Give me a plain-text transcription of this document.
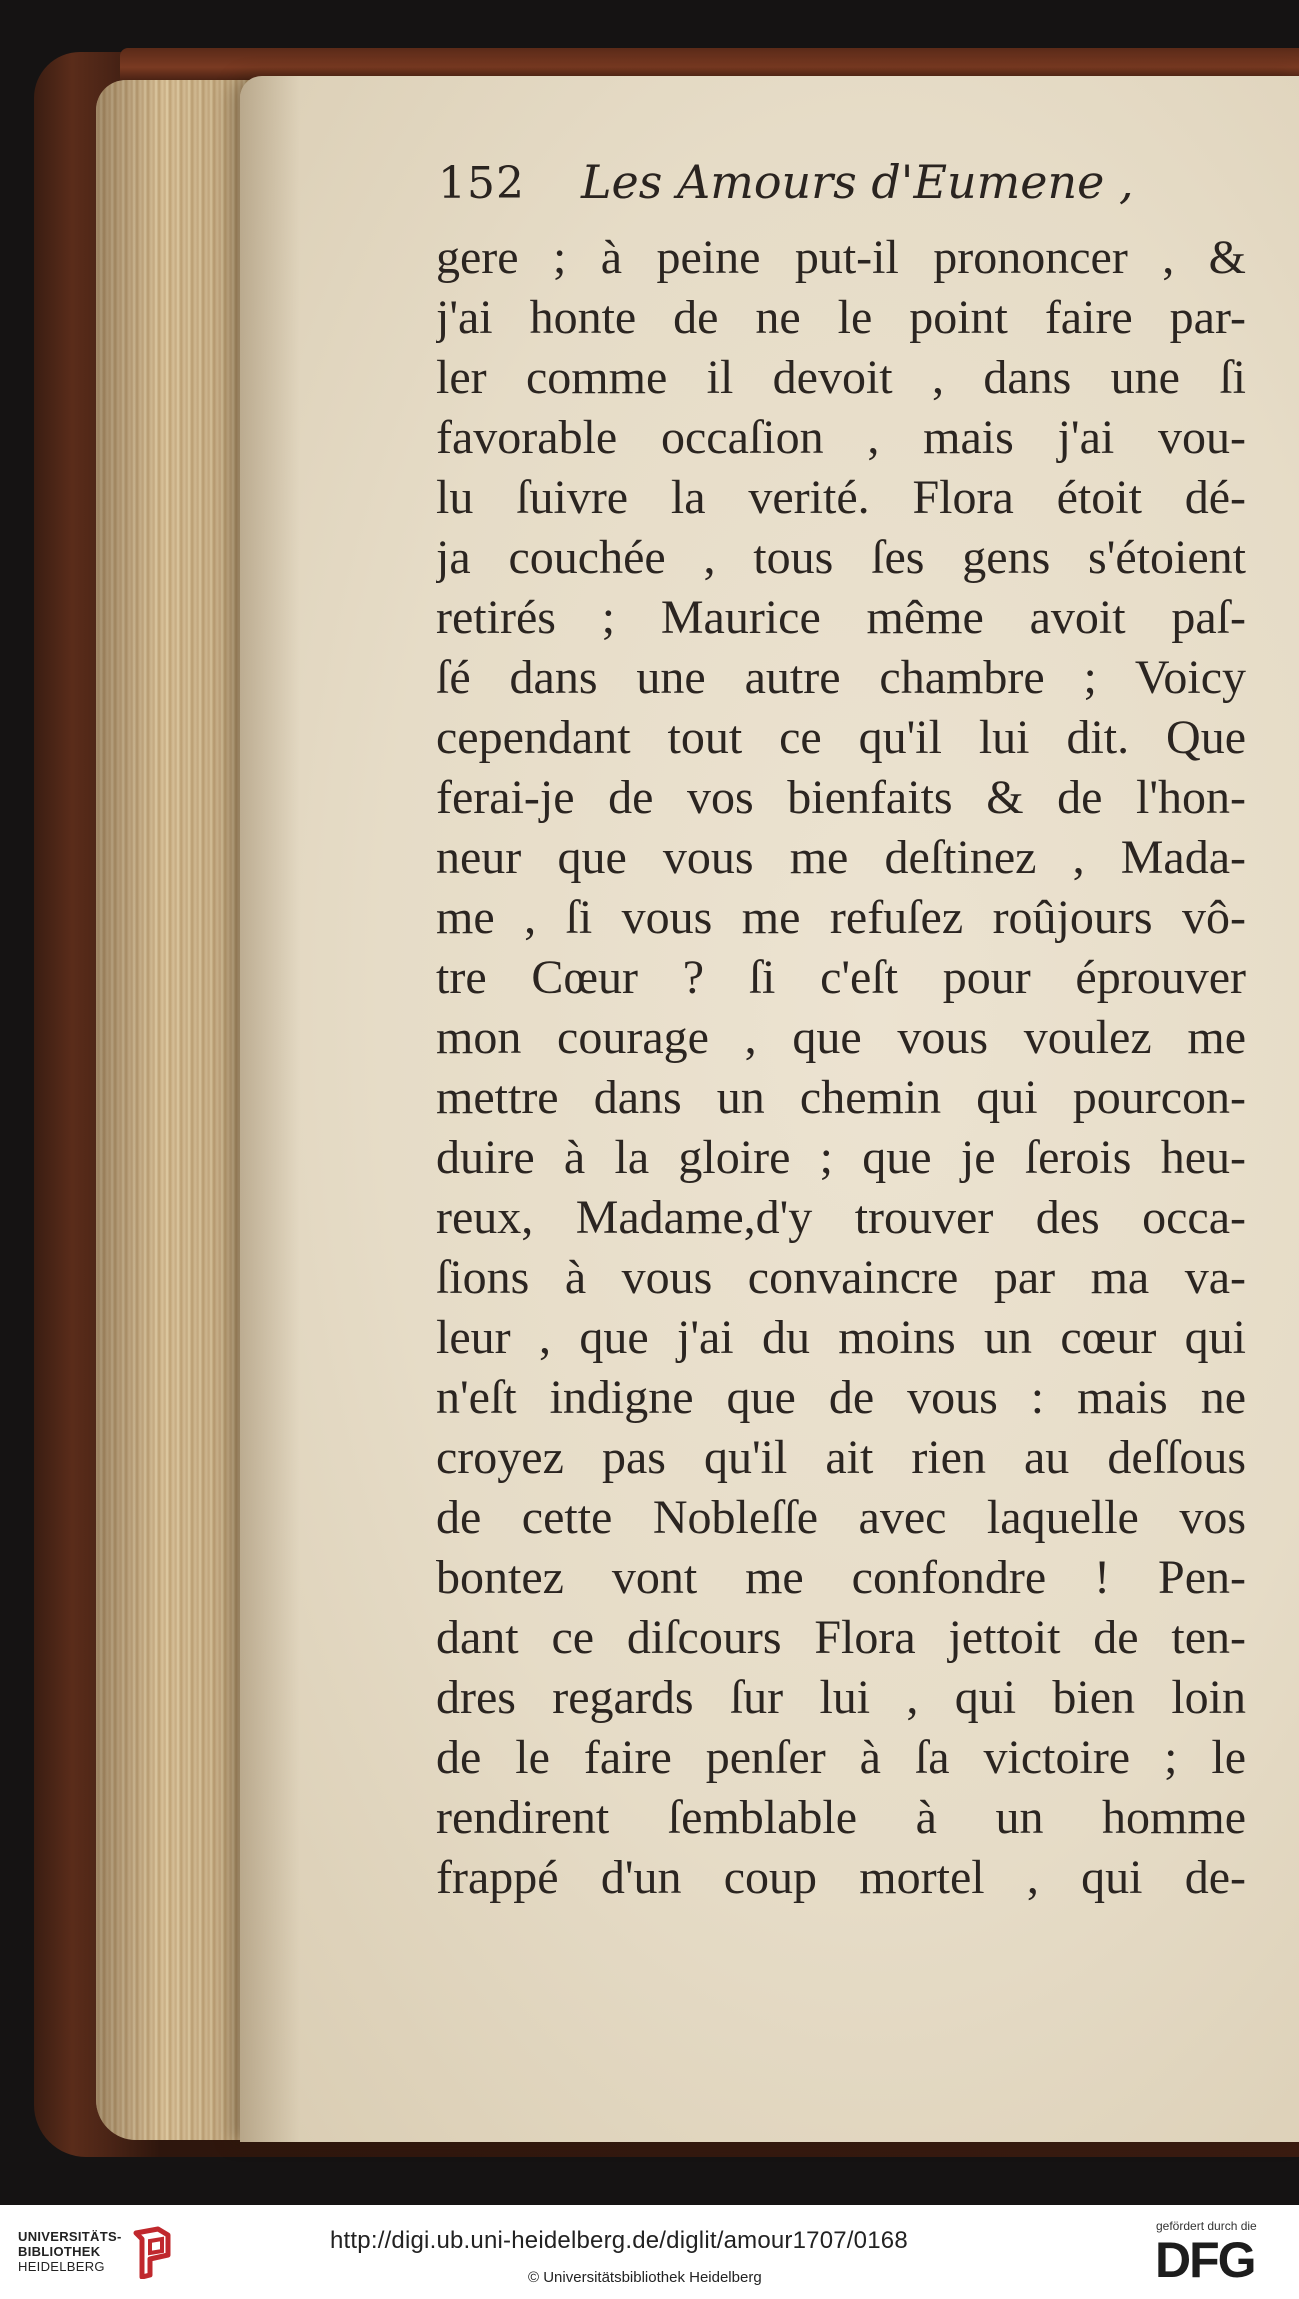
152 Les Amours d'Eumene ,
gere ; à peine put-il prononcer , &
j'ai honte de ne le point faire par-
ler comme il devoit , dans une ſi
favorable occaſion , mais j'ai vou-
lu ſuivre la verité. Flora étoit dé-
ja couchée , tous ſes gens s'étoient
retirés ; Maurice même avoit paſ-
ſé dans une autre chambre ; Voicy
cependant tout ce qu'il lui dit. Que
ferai-je de vos bienfaits & de l'hon-
neur que vous me deſtinez , Mada-
me , ſi vous me refuſez roûjours vô-
tre Cœur ? ſi c'eſt pour éprouver
mon courage , que vous voulez me
mettre dans un chemin qui pourcon-
duire à la gloire ; que je ſerois heu-
reux, Madame,d'y trouver des occa-
ſions à vous convaincre par ma va-
leur , que j'ai du moins un cœur qui
n'eſt indigne que de vous : mais ne
croyez pas qu'il ait rien au deſſous
de cette Nobleſſe avec laquelle vos
bontez vont me confondre ! Pen-
dant ce diſcours Flora jettoit de ten-
dres regards ſur lui , qui bien loin
de le faire penſer à ſa victoire ; le
rendirent ſemblable à un homme
frappé d'un coup mortel , qui de-
UNIVERSITÄTS-
BIBLIOTHEK
HEIDELBERG
http://digi.ub.uni-heidelberg.de/diglit/amour1707/0168
© Universitätsbibliothek Heidelberg
gefördert durch die
DFG
